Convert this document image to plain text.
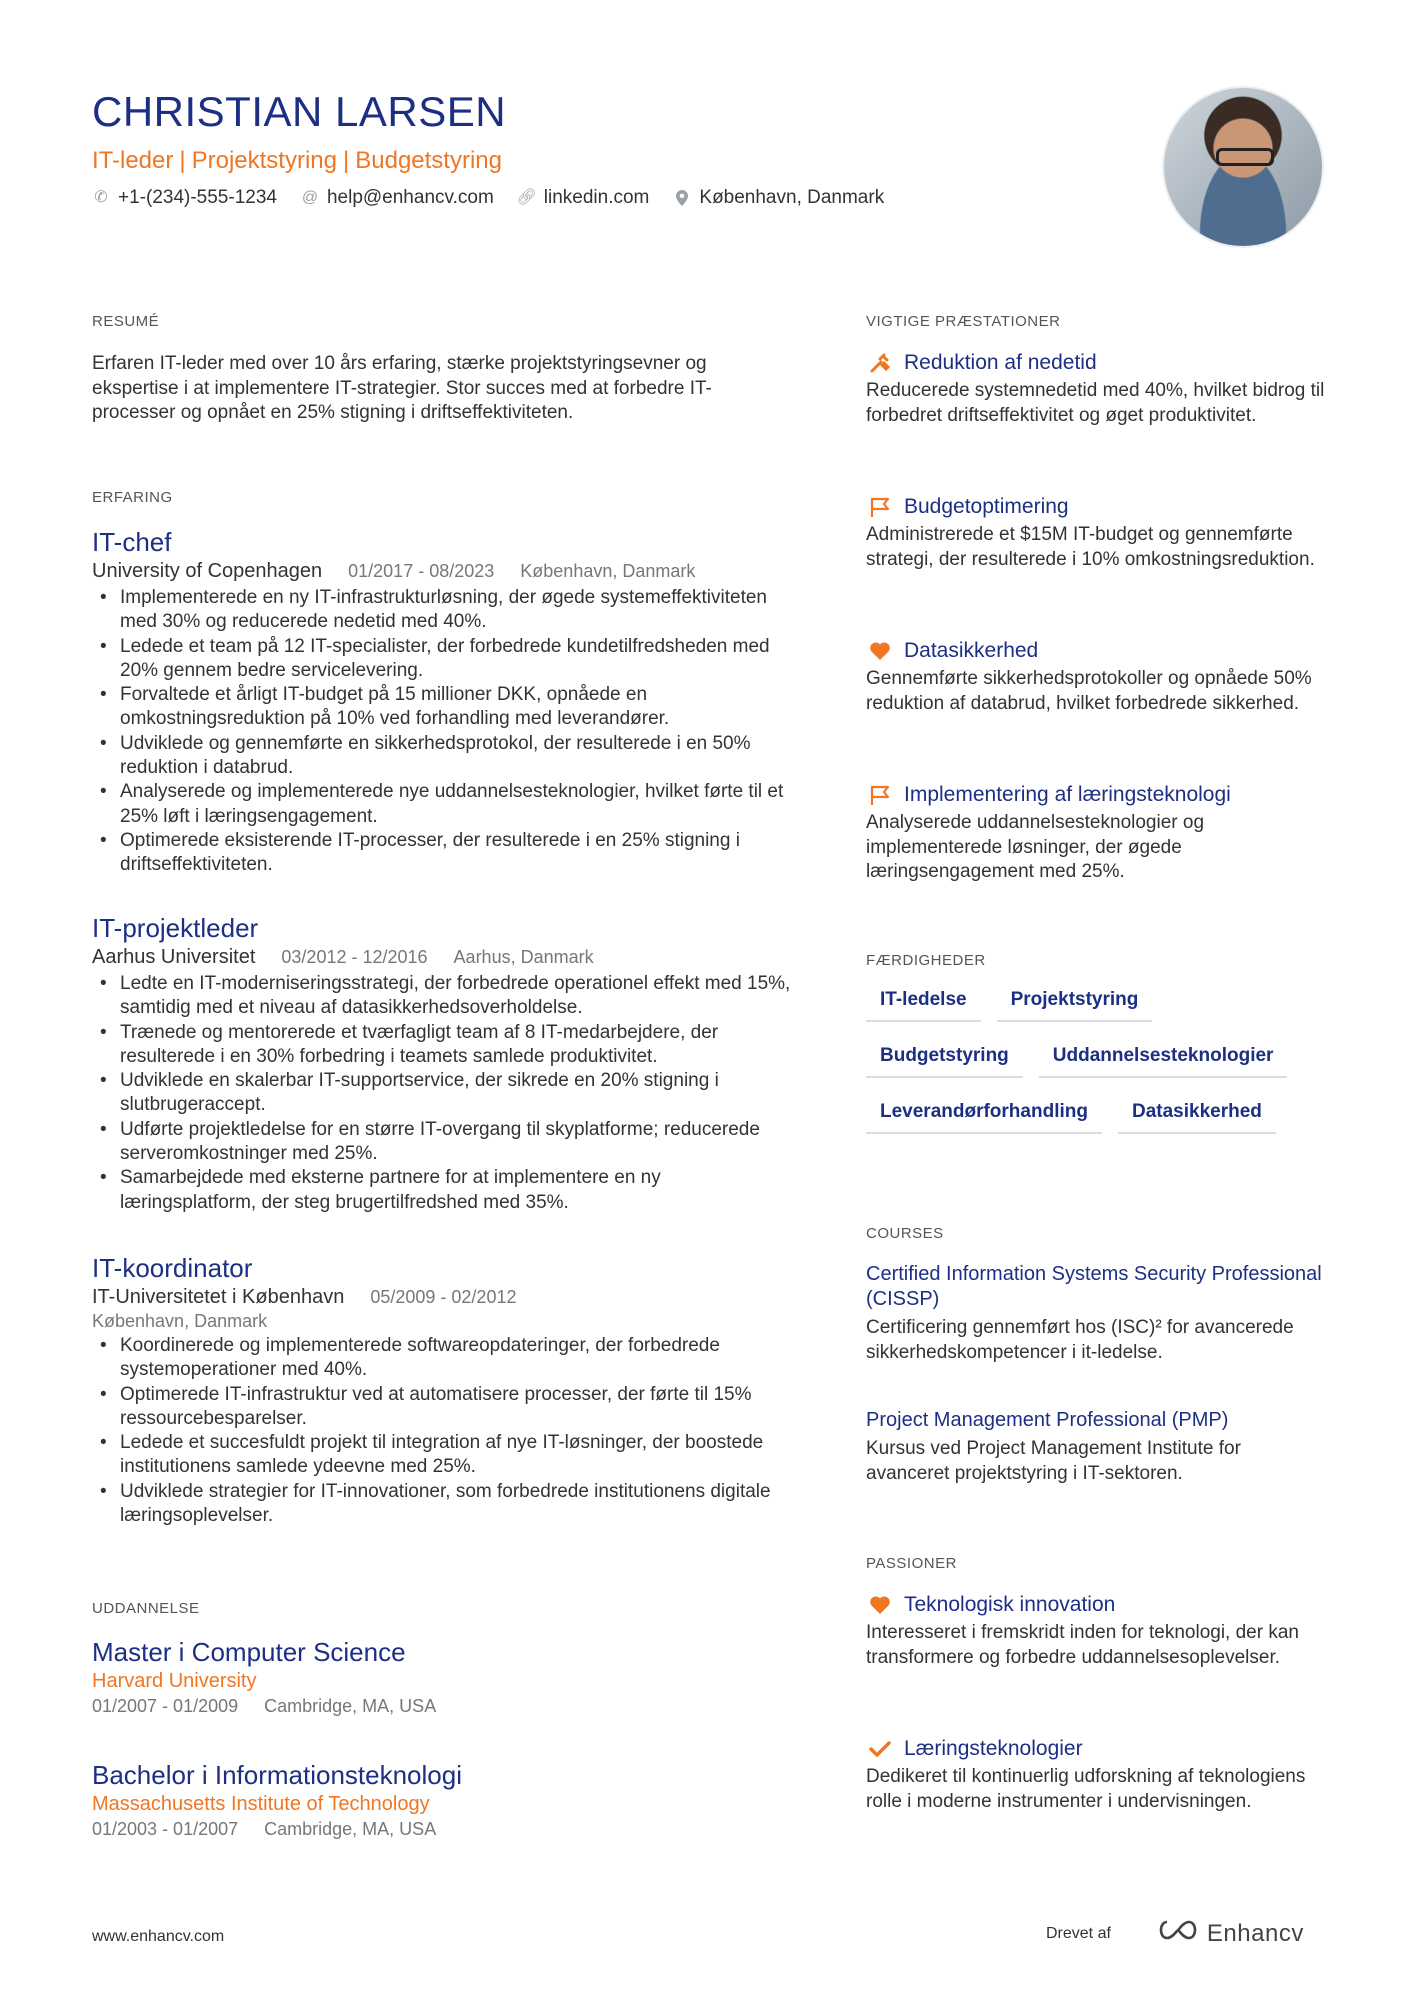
CHRISTIAN LARSEN
IT-leder | Projektstyring | Budgetstyring
✆ +1-(234)-555-1234 @ help@enhancv.com 🔗︎ linkedin.com	København, Danmark
RESUMÉ
Erfaren IT-leder med over 10 års erfaring, stærke projektstyringsevner og ekspertise i at implementere IT-strategier. Stor succes med at forbedre IT-processer og opnået en 25% stigning i driftseffektiviteten.
ERFARING
IT-chef
University of Copenhagen 01/2017 - 08/2023 København, Danmark
• Implementerede en ny IT-infrastrukturløsning, der øgede systemeffektiviteten med 30% og reducerede nedetid med 40%.
• Ledede et team på 12 IT-specialister, der forbedrede kundetilfredsheden med 20% gennem bedre servicelevering.
• Forvaltede et årligt IT-budget på 15 millioner DKK, opnåede en omkostningsreduktion på 10% ved forhandling med leverandører.
• Udviklede og gennemførte en sikkerhedsprotokol, der resulterede i en 50% reduktion i databrud.
• Analyserede og implementerede nye uddannelsesteknologier, hvilket førte til et 25% løft i læringsengagement.
• Optimerede eksisterende IT-processer, der resulterede i en 25% stigning i driftseffektiviteten.
IT-projektleder
Aarhus Universitet 03/2012 - 12/2016 Aarhus, Danmark
• Ledte en IT-moderniseringsstrategi, der forbedrede operationel effekt med 15%, samtidig med et niveau af datasikkerhedsoverholdelse.
• Trænede og mentorerede et tværfagligt team af 8 IT-medarbejdere, der resulterede i en 30% forbedring i teamets samlede produktivitet.
• Udviklede en skalerbar IT-supportservice, der sikrede en 20% stigning i slutbrugeraccept.
• Udførte projektledelse for en større IT-overgang til skyplatforme; reducerede serveromkostninger med 25%.
• Samarbejdede med eksterne partnere for at implementere en ny læringsplatform, der steg brugertilfredshed med 35%.
IT-koordinator
IT-Universitetet i København 05/2009 - 02/2012
København, Danmark
• Koordinerede og implementerede softwareopdateringer, der forbedrede systemoperationer med 40%.
• Optimerede IT-infrastruktur ved at automatisere processer, der førte til 15% ressourcebesparelser.
• Ledede et succesfuldt projekt til integration af nye IT-løsninger, der boostede institutionens samlede ydeevne med 25%.
• Udviklede strategier for IT-innovationer, som forbedrede institutionens digitale læringsoplevelser.
UDDANNELSE
Master i Computer Science
Harvard University
01/2007 - 01/2009 Cambridge, MA, USA
Bachelor i Informationsteknologi
Massachusetts Institute of Technology
01/2003 - 01/2007 Cambridge, MA, USA
VIGTIGE PRÆSTATIONER
Reduktion af nedetid
Reducerede systemnedetid med 40%, hvilket bidrog til forbedret driftseffektivitet og øget produktivitet.
Budgetoptimering
Administrerede et $15M IT-budget og gennemførte strategi, der resulterede i 10% omkostningsreduktion.
Datasikkerhed
Gennemførte sikkerhedsprotokoller og opnåede 50% reduktion af databrud, hvilket forbedrede sikkerhed.
Implementering af læringsteknologi
Analyserede uddannelsesteknologier og implementerede løsninger, der øgede læringsengagement med 25%.
FÆRDIGHEDER
IT-ledelse	Projektstyring
Budgetstyring	Uddannelsesteknologier
Leverandørforhandling	Datasikkerhed
COURSES
Certified Information Systems Security Professional (CISSP)
Certificering gennemført hos (ISC)² for avancerede sikkerhedskompetencer i it-ledelse.
Project Management Professional (PMP)
Kursus ved Project Management Institute for avanceret projektstyring i IT-sektoren.
PASSIONER
Teknologisk innovation
Interesseret i fremskridt inden for teknologi, der kan transformere og forbedre uddannelsesoplevelser.
Læringsteknologier
Dedikeret til kontinuerlig udforskning af teknologiens rolle i moderne instrumenter i undervisningen.
www.enhancv.com	Drevet af	Enhancv
